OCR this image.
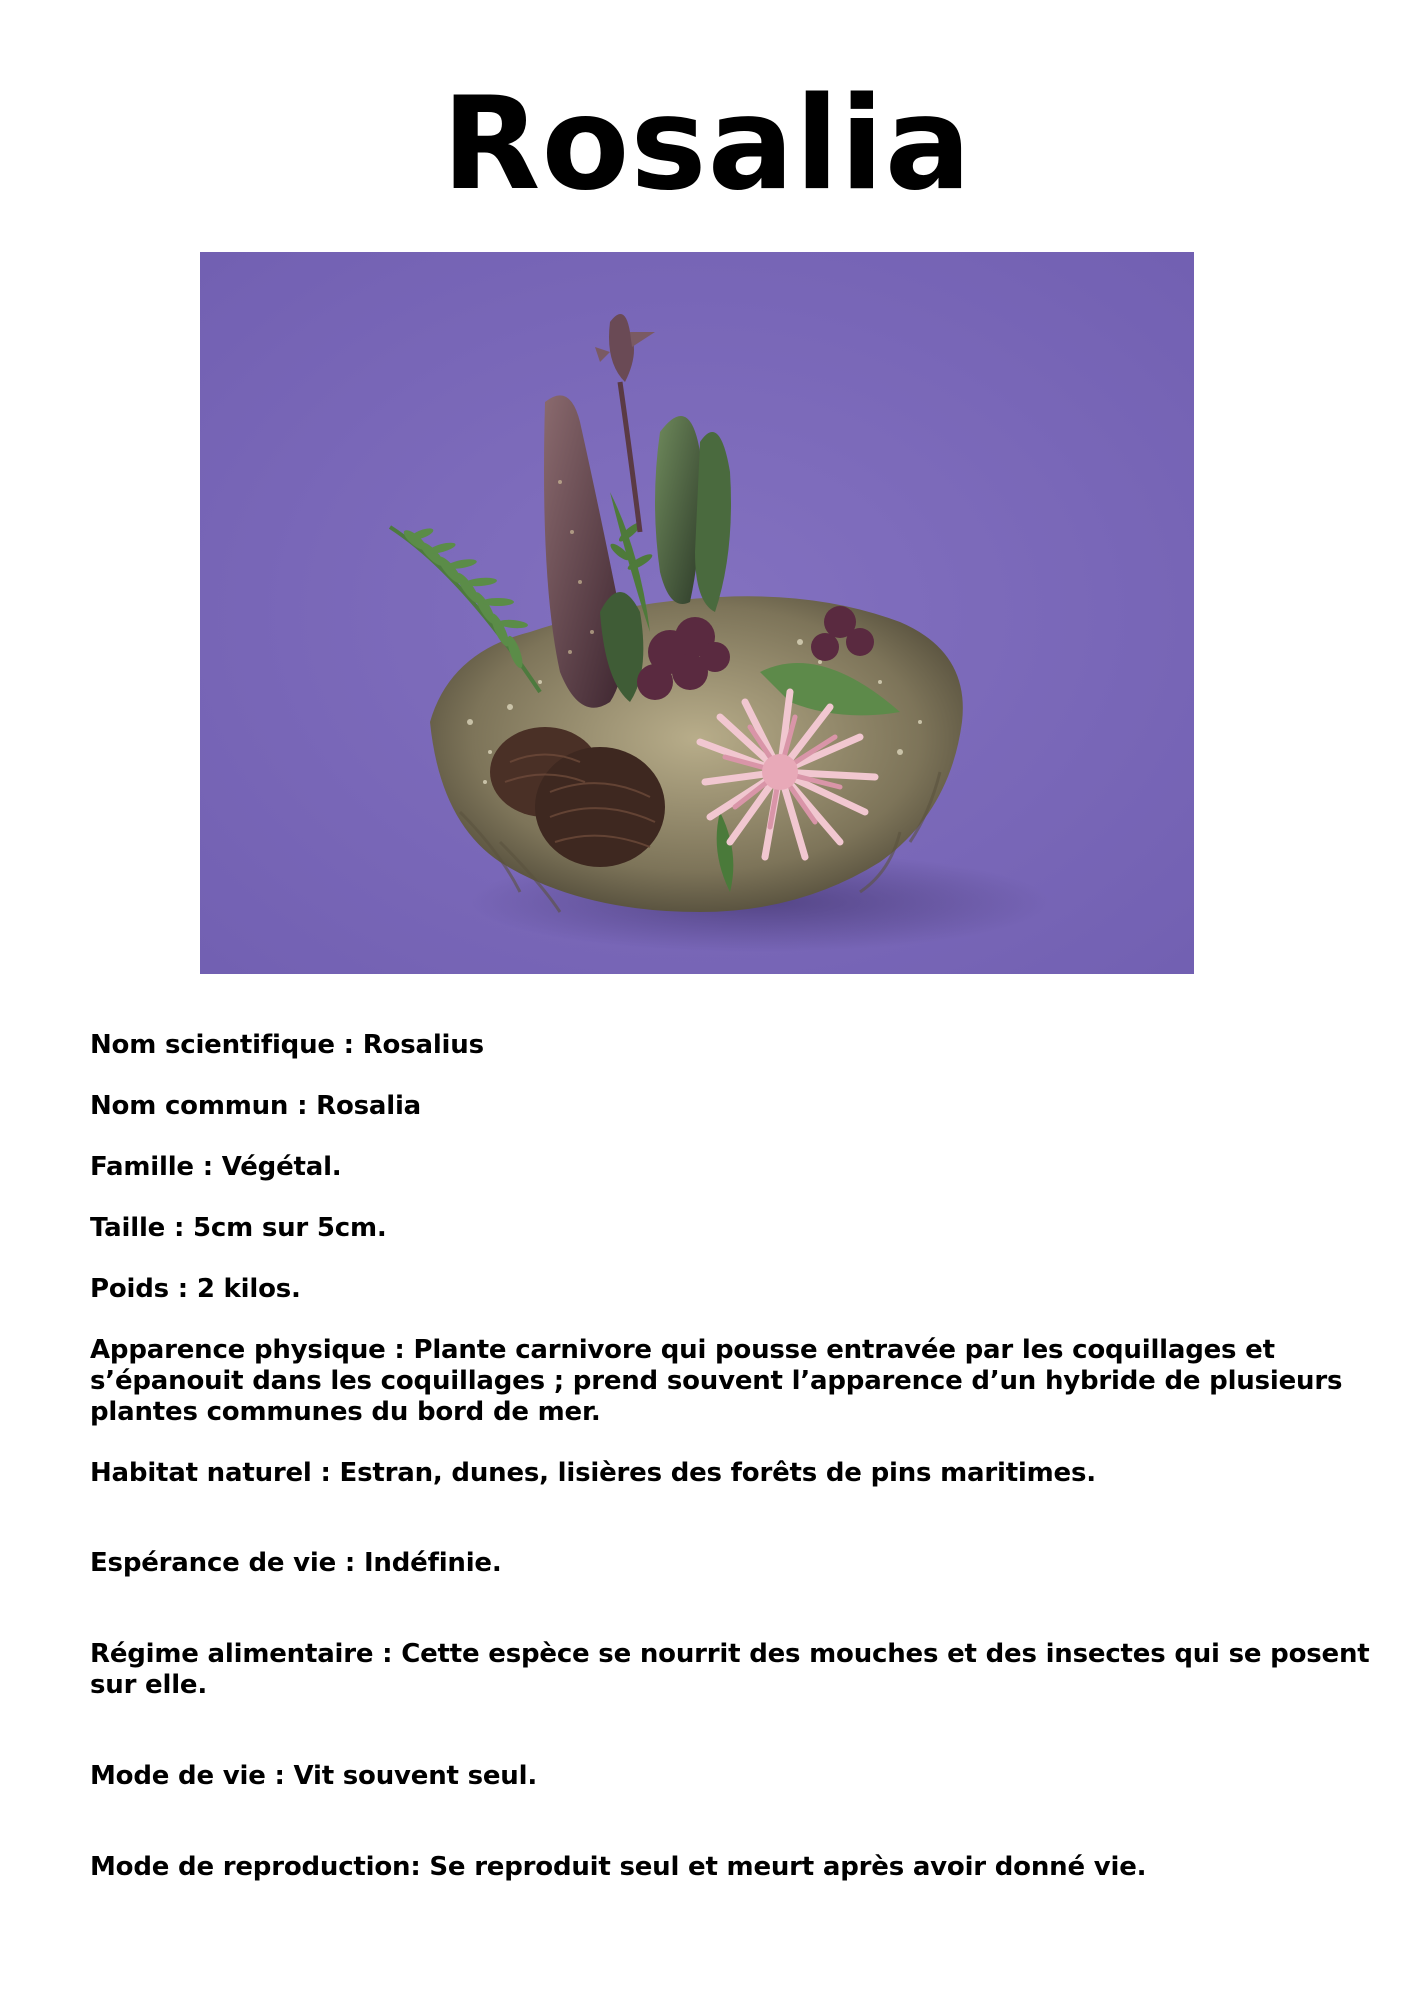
Rosalia

Nom scientifique : Rosalius

Nom commun : Rosalia

Famille : Végétal.

Taille : 5cm sur 5cm.

Poids : 2 kilos.

Apparence physique : Plante carnivore qui pousse entravée par les coquillages et s’épanouit dans les coquillages ; prend souvent l’apparence d’un hybride de plusieurs plantes communes du bord de mer.

Habitat naturel : Estran, dunes, lisières des forêts de pins maritimes.

Espérance de vie : Indéfinie.

Régime alimentaire : Cette espèce se nourrit des mouches et des insectes qui se posent sur elle.

Mode de vie : Vit souvent seul.

Mode de reproduction: Se reproduit seul et meurt après avoir donné vie.
